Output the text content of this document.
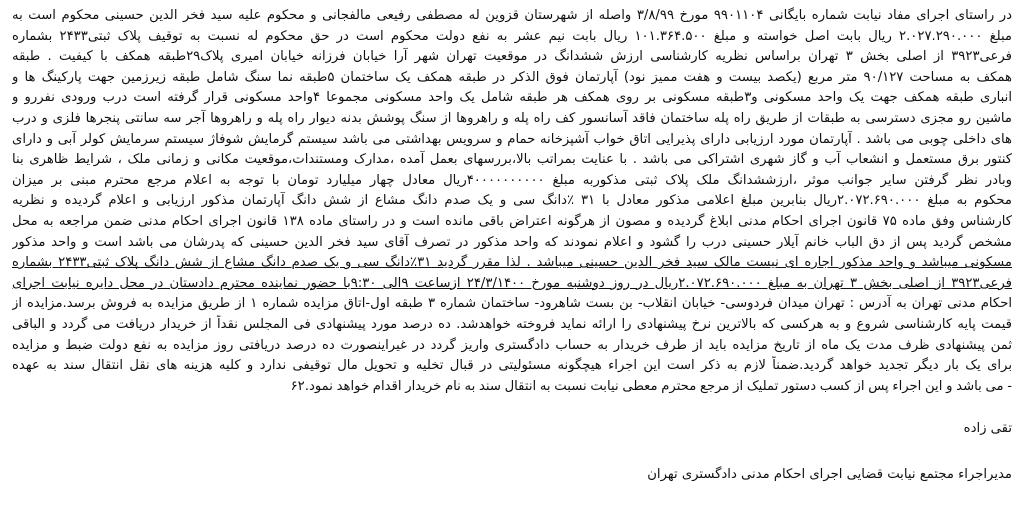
در راستای اجرای مفاد نیابت شماره بایگانی ۹۹۰۱۱۰۴ مورخ ۳/۸/۹۹ واصله از شهرستان قزوین له مصطفی رفیعی مالفجانی و محکوم علیه سید فخر الدین حسینی محکوم است به
مبلغ ۲.۰۲۷.۲۹۰.۰۰۰ ریال بابت اصل خواسته و مبلغ ۱۰۱.۳۶۴.۵۰۰ ریال بابت نیم عشر به نفع دولت محکوم است در حق محکوم له نسبت به توقیف پلاک ثبتی۲۴۳۳ بشماره
فرعی۳۹۲۳ از اصلی بخش ۳ تهران براساس نظریه کارشناسی ارزش ششدانگ در موقعیت تهران شهر آرا خیابان فرزانه خیابان امیری پلاک۲۹طبقه همکف با کیفیت . طبقه
همکف به مساحت ۹۰/۱۲۷ متر مربع (یکصد بیست و هفت ممیز نود) آپارتمان فوق الذکر در طبقه همکف یک ساختمان ۵طبقه نما سنگ شامل طبقه زیرزمین جهت پارکینگ ها و
انباری طبقه همکف جهت یک واحد مسکونی و۳طبقه مسکونی بر روی همکف هر طبقه شامل یک واحد مسکونی مجموعا ۴واحد مسکونی قرار گرفته است درب ورودی نفررو و
ماشین رو مجزی دسترسی به طبقات از طریق راه پله ساختمان فاقد آسانسور کف راه پله و راهروها از سنگ پوشش بدنه دیوار راه پله و راهروها آجر سه سانتی پنجرها فلزی و درب
های داخلی چوبی می باشد . آپارتمان مورد ارزیابی دارای پذیرایی اتاق خواب آشپزخانه حمام و سرویس بهداشتی می باشد سیستم گرمایش شوفاژ سیستم سرمایش کولر آبی و دارای
کنتور برق مستعمل و انشعاب آب و گاز شهری اشتراکی می باشد . با عنایت بمراتب بالا،بررسهای بعمل آمده ،مدارک ومستندات،موقعیت مکانی و زمانی ملک ، شرایط ظاهری بنا
وبادر نظر گرفتن سایر جوانب موثر ،ارزششدانگ ملک پلاک ثبتی مذکوربه مبلغ ۴۰۰۰۰۰۰۰۰۰۰ریال معادل چهار میلیارد تومان با توجه به اعلام مرجع محترم مبنی بر میزان
محکوم به مبلغ ۲.۰۷۲.۶۹۰.۰۰۰ریال بنابرین مبلغ اعلامی مذکور معادل با ۳۱ ٪دانگ سی و یک صدم دانگ مشاع از شش دانگ آپارتمان مذکور ارزیابی و اعلام گردیده و نظریه
کارشناس وفق ماده ۷۵ قانون اجرای احکام مدنی ابلاغ گردیده و مصون از هرگونه اعتراض باقی مانده است و در راستای ماده ۱۳۸ قانون اجرای احکام مدنی ضمن مراجعه به محل
مشخص گردید پس از دق الباب خانم آیلار حسینی درب را گشود و اعلام نمودند که واحد مذکور در تصرف آقای سید فخر الدین حسینی که پدرشان می باشد است و واحد مذکور
مسکونی میباشد و واحد مذکور اجاره ای نیست مالک سید فخر الدین حسینی میباشد . لذا مقرر گردید ۳۱٪دانگ سی و یک صدم دانگ مشاع از شش دانگ پلاک ثبتی۲۴۳۳ بشماره
فرعی۳۹۲۳ از اصلی بخش ۳ تهران به مبلغ ۲.۰۷۲.۶۹۰.۰۰۰ریال در روز دوشنبه مورخ ۲۴/۳/۱۴۰۰ ازساعت ۹الی ۹:۳۰با حضور نماینده محترم دادستان در محل دایره نیابت اجرای
احکام مدنی تهران به آدرس : تهران میدان فردوسی- خیابان انقلاب- بن بست شاهرود- ساختمان شماره ۳ طبقه اول-اتاق مزایده شماره ۱ از طریق مزایده به فروش برسد.مزایده از
قیمت پایه کارشناسی شروع و به هرکسی که بالاترین نرخ پیشنهادی را ارائه نماید فروخته خواهدشد. ده درصد مورد پیشنهادی فی المجلس نقداً از خریدار دریافت می گردد و الباقی
ثمن پیشنهادی ظرف مدت یک ماه از تاریخ مزایده باید از طرف خریدار به حساب دادگستری واریز گردد در غیراینصورت ده درصد دریافتی روز مزایده به نفع دولت ضبط و مزایده
برای یک بار دیگر تجدید خواهد گردید.ضمناً لازم به ذکر است این اجراء هیچگونه مسئولیتی در قبال تخلیه و تحویل مال توقیفی ندارد و کلیه هزینه های نقل انتقال سند به عهده
- می باشد و این اجراء پس از کسب دستور تملیک از مرجع محترم معطی نیابت نسبت به انتقال سند به نام خریدار اقدام خواهد نمود.۶۲
تقی زاده
مدیراجراء مجتمع نیابت قضایی اجرای احکام مدنی دادگستری تهران
